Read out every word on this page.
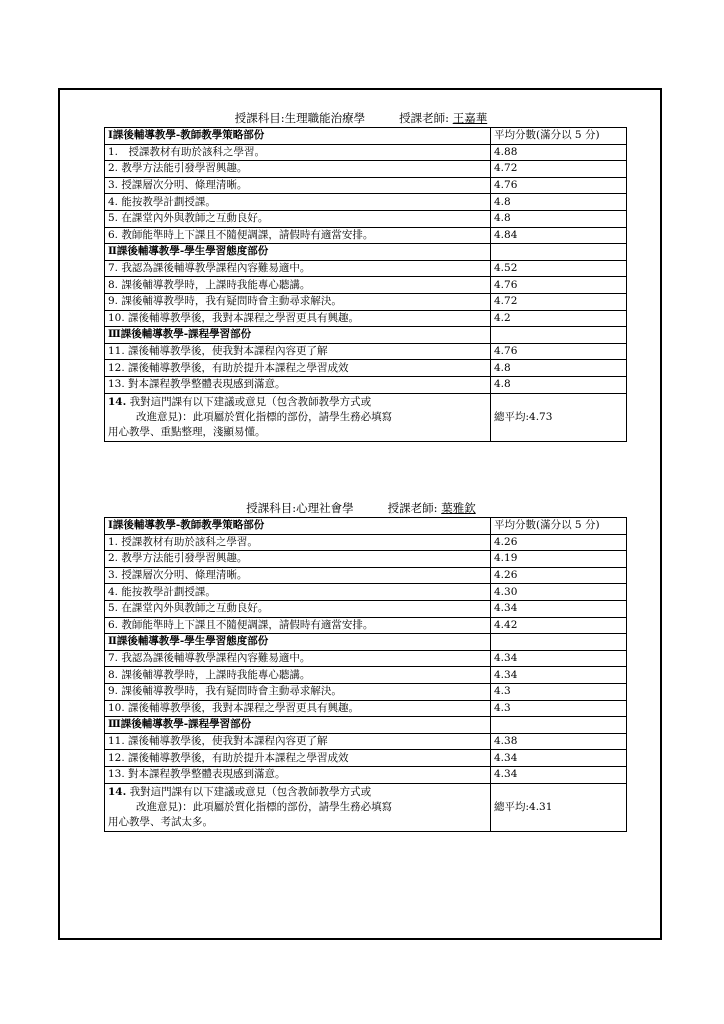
授課科目:生理職能治療學	授課老師: 王嘉華
Ⅰ課後輔導教學-教師教學策略部份	平均分數(滿分以 5 分)
1.　授課教材有助於該科之學習。	4.88
2. 教學方法能引發學習興趣。	4.72
3. 授課層次分明、條理清晰。	4.76
4. 能按教學計劃授課。	4.8
5. 在課堂內外與教師之互動良好。	4.8
6. 教師能準時上下課且不隨便調課，請假時有適當安排。	4.84
Ⅱ課後輔導教學-學生學習態度部份	
7. 我認為課後輔導教學課程內容難易適中。	4.52
8. 課後輔導教學時，上課時我能專心聽講。	4.76
9. 課後輔導教學時，我有疑問時會主動尋求解決。	4.72
10. 課後輔導教學後，我對本課程之學習更具有興趣。	4.2
Ⅲ課後輔導教學-課程學習部份	
11. 課後輔導教學後，使我對本課程內容更了解	4.76
12. 課後輔導教學後，有助於提升本課程之學習成效	4.8
13. 對本課程教學整體表現感到滿意。	4.8

14. 我對這門課有以下建議或意見（包含教師教學方式或
改進意見)：此項屬於質化指標的部份，請學生務必填寫
用心教學、重點整理，淺顯易懂。	總平均:4.73
授課科目:心理社會學	授課老師: 葉雅欽
Ⅰ課後輔導教學-教師教學策略部份	平均分數(滿分以 5 分)
1. 授課教材有助於該科之學習。	4.26
2. 教學方法能引發學習興趣。	4.19
3. 授課層次分明、條理清晰。	4.26
4. 能按教學計劃授課。	4.30
5. 在課堂內外與教師之互動良好。	4.34
6. 教師能準時上下課且不隨便調課，請假時有適當安排。	4.42
Ⅱ課後輔導教學-學生學習態度部份	
7. 我認為課後輔導教學課程內容難易適中。	4.34
8. 課後輔導教學時，上課時我能專心聽講。	4.34
9. 課後輔導教學時，我有疑問時會主動尋求解決。	4.3
10. 課後輔導教學後，我對本課程之學習更具有興趣。	4.3
Ⅲ課後輔導教學-課程學習部份	
11. 課後輔導教學後，使我對本課程內容更了解	4.38
12. 課後輔導教學後，有助於提升本課程之學習成效	4.34
13. 對本課程教學整體表現感到滿意。	4.34

14. 我對這門課有以下建議或意見（包含教師教學方式或
改進意見)：此項屬於質化指標的部份，請學生務必填寫
用心教學、考試太多。	總平均:4.31
